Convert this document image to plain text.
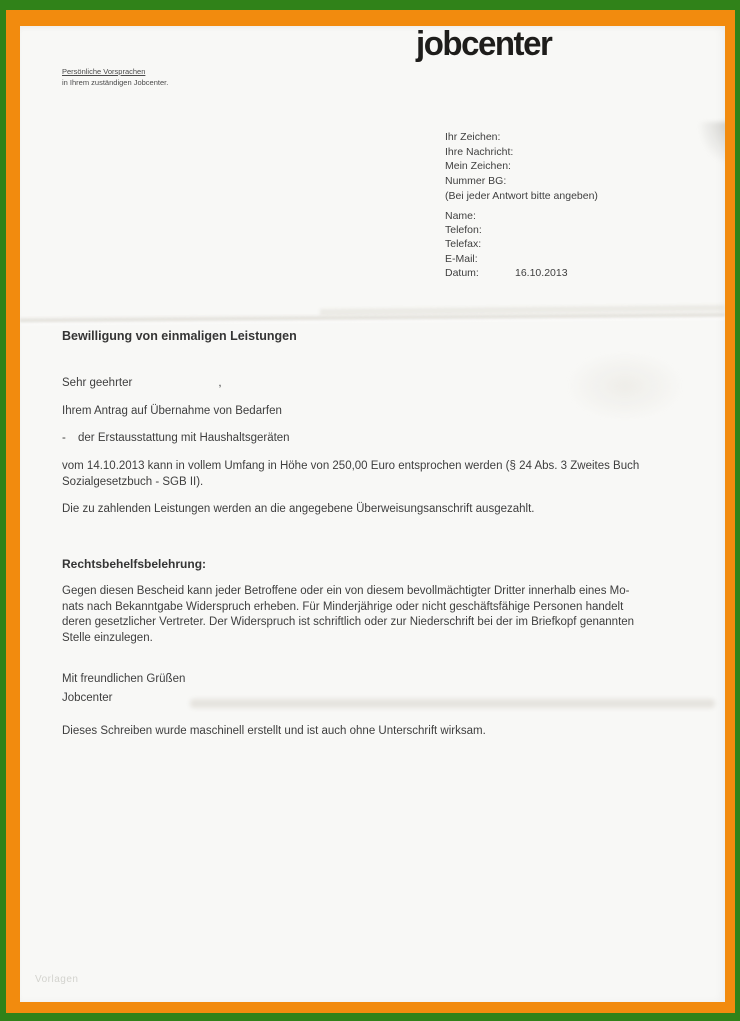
jobcenter
Persönliche Vorsprachen
in Ihrem zuständigen Jobcenter.
Ihr Zeichen:
Ihre Nachricht:
Mein Zeichen:
Nummer BG:
(Bei jeder Antwort bitte angeben)
Name:
Telefon:
Telefax:
E-Mail:
Datum:	16.10.2013
Bewilligung von einmaligen Leistungen
Sehr geehrter	,
Ihrem Antrag auf Übernahme von Bedarfen
- der Erstausstattung mit Haushaltsgeräten
vom 14.10.2013 kann in vollem Umfang in Höhe von 250,00 Euro entsprochen werden (§ 24 Abs. 3 Zweites Buch
Sozialgesetzbuch - SGB II).
Die zu zahlenden Leistungen werden an die angegebene Überweisungsanschrift ausgezahlt.
Rechtsbehelfsbelehrung:
Gegen diesen Bescheid kann jeder Betroffene oder ein von diesem bevollmächtigter Dritter innerhalb eines Mo-
nats nach Bekanntgabe Widerspruch erheben. Für Minderjährige oder nicht geschäftsfähige Personen handelt
deren gesetzlicher Vertreter. Der Widerspruch ist schriftlich oder zur Niederschrift bei der im Briefkopf genannten
Stelle einzulegen.
Mit freundlichen Grüßen
Jobcenter
Dieses Schreiben wurde maschinell erstellt und ist auch ohne Unterschrift wirksam.
Vorlagen
